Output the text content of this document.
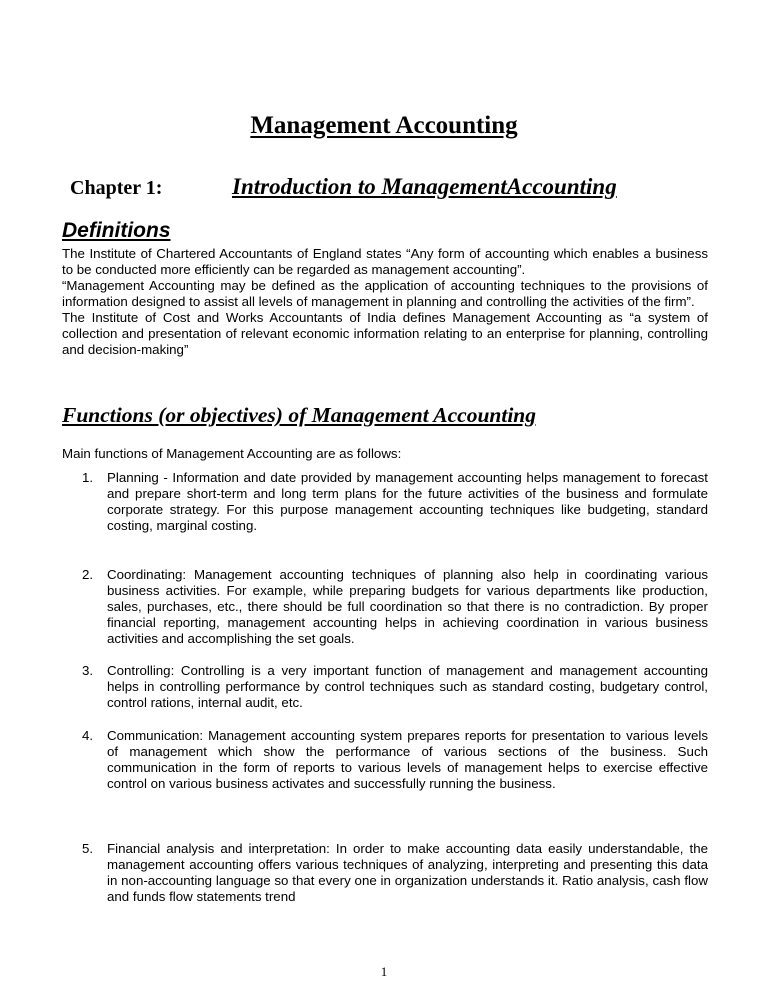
Management Accounting
Chapter 1:	Introduction to ManagementAccounting
Definitions

The Institute of Chartered Accountants of England states “Any form of accounting which enables a business to be conducted more efficiently can be regarded as management accounting”.

“Management Accounting may be defined as the application of accounting techniques to the provisions of information designed to assist all levels of management in planning and controlling the activities of the firm”.

The Institute of Cost and Works Accountants of India defines Management Accounting as “a system of collection and presentation of relevant economic information relating to an enterprise for planning, controlling and decision-making”

Functions (or objectives) of Management Accounting

Main functions of Management Accounting are as follows:

1.	Planning - Information and date provided by management accounting helps management to forecast and prepare short-term and long term plans for the future activities of the business and formulate corporate strategy. For this purpose management accounting techniques like budgeting, standard costing, marginal costing.

2.	Coordinating: Management accounting techniques of planning also help in coordinating various business activities. For example, while preparing budgets for various departments like production, sales, purchases, etc., there should be full coordination so that there is no contradiction. By proper financial reporting, management accounting helps in achieving coordination in various business activities and accomplishing the set goals.

3.	Controlling: Controlling is a very important function of management and management accounting helps in controlling performance by control techniques such as standard costing, budgetary control, control rations, internal audit, etc.

4.	Communication: Management accounting system prepares reports for presentation to various levels of management which show the performance of various sections of the business. Such communication in the form of reports to various levels of management helps to exercise effective control on various business activates and successfully running the business.

5.	Financial analysis and interpretation: In order to make accounting data easily understandable, the management accounting offers various techniques of analyzing, interpreting and presenting this data in non-accounting language so that every one in organization understands it. Ratio analysis, cash flow and funds flow statements trend

1
